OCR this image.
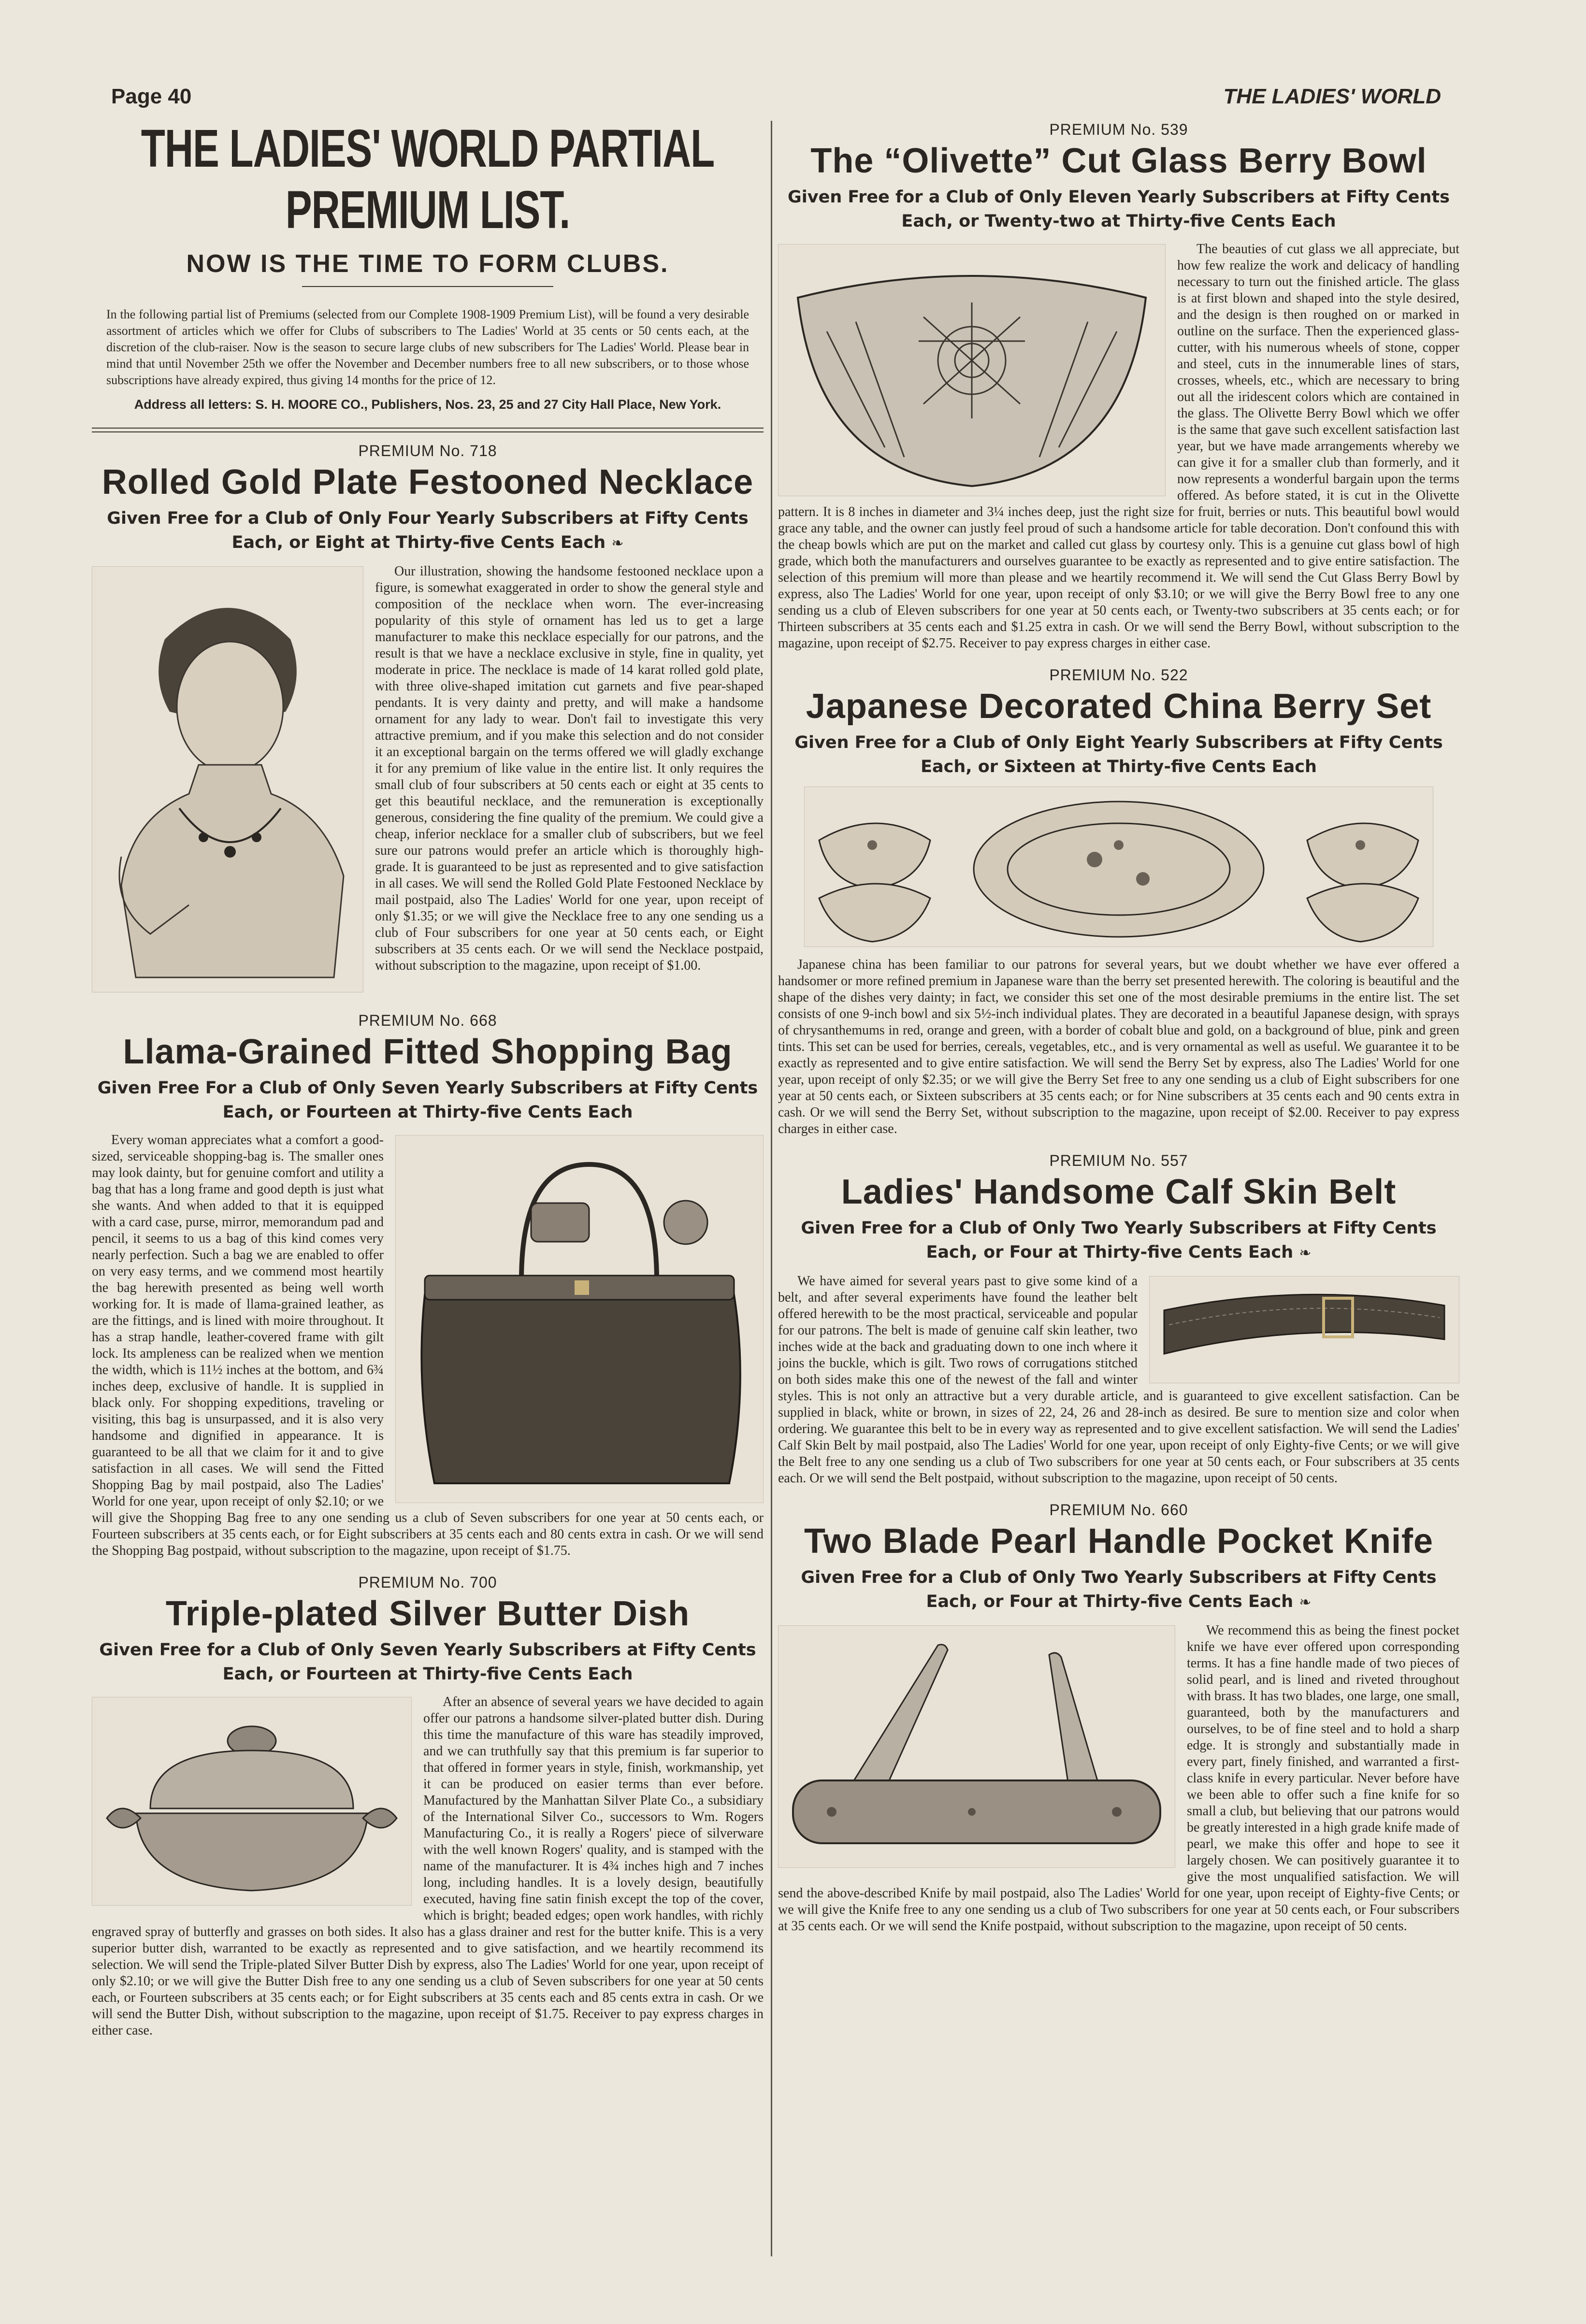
Page 40	THE LADIES' WORLD
THE LADIES' WORLD PARTIAL PREMIUM LIST.
NOW IS THE TIME TO FORM CLUBS.
In the following partial list of Premiums (selected from our Complete 1908-1909 Premium List), will be found a very desirable assortment of articles which we offer for Clubs of subscribers to The Ladies' World at 35 cents or 50 cents each, at the discretion of the club-raiser. Now is the season to secure large clubs of new subscribers for The Ladies' World. Please bear in mind that until November 25th we offer the November and December numbers free to all new subscribers, or to those whose subscriptions have already expired, thus giving 14 months for the price of 12.
Address all letters: S. H. MOORE CO., Publishers, Nos. 23, 25 and 27 City Hall Place, New York.
PREMIUM No. 718
Rolled Gold Plate Festooned Necklace
Given Free for a Club of Only Four Yearly Subscribers at Fifty Cents Each, or Eight at Thirty-five Cents Each ❧

Our illustration, showing the handsome festooned necklace upon a figure, is somewhat exaggerated in order to show the general style and composition of the necklace when worn. The ever-increasing popularity of this style of ornament has led us to get a large manufacturer to make this necklace especially for our patrons, and the result is that we have a necklace exclusive in style, fine in quality, yet moderate in price. The necklace is made of 14 karat rolled gold plate, with three olive-shaped imitation cut garnets and five pear-shaped pendants. It is very dainty and pretty, and will make a handsome ornament for any lady to wear. Don't fail to investigate this very attractive premium, and if you make this selection and do not consider it an exceptional bargain on the terms offered we will gladly exchange it for any premium of like value in the entire list. It only requires the small club of four subscribers at 50 cents each or eight at 35 cents to get this beautiful necklace, and the remuneration is exceptionally generous, considering the fine quality of the premium. We could give a cheap, inferior necklace for a smaller club of subscribers, but we feel sure our patrons would prefer an article which is thoroughly high-grade. It is guaranteed to be just as represented and to give satisfaction in all cases. We will send the Rolled Gold Plate Festooned Necklace by mail postpaid, also The Ladies' World for one year, upon receipt of only $1.35; or we will give the Necklace free to any one sending us a club of Four subscribers for one year at 50 cents each, or Eight subscribers at 35 cents each. Or we will send the Necklace postpaid, without subscription to the magazine, upon receipt of $1.00.

PREMIUM No. 668
Llama-Grained Fitted Shopping Bag
Given Free For a Club of Only Seven Yearly Subscribers at Fifty Cents Each, or Fourteen at Thirty-five Cents Each

Every woman appreciates what a comfort a good-sized, serviceable shopping-bag is. The smaller ones may look dainty, but for genuine comfort and utility a bag that has a long frame and good depth is just what she wants. And when added to that it is equipped with a card case, purse, mirror, memorandum pad and pencil, it seems to us a bag of this kind comes very nearly perfection. Such a bag we are enabled to offer on very easy terms, and we commend most heartily the bag herewith presented as being well worth working for. It is made of llama-grained leather, as are the fittings, and is lined with moire throughout. It has a strap handle, leather-covered frame with gilt lock. Its ampleness can be realized when we mention the width, which is 11½ inches at the bottom, and 6¾ inches deep, exclusive of handle. It is supplied in black only. For shopping expeditions, traveling or visiting, this bag is unsurpassed, and it is also very handsome and dignified in appearance. It is guaranteed to be all that we claim for it and to give satisfaction in all cases. We will send the Fitted Shopping Bag by mail postpaid, also The Ladies' World for one year, upon receipt of only $2.10; or we will give the Shopping Bag free to any one sending us a club of Seven subscribers for one year at 50 cents each, or Fourteen subscribers at 35 cents each, or for Eight subscribers at 35 cents each and 80 cents extra in cash. Or we will send the Shopping Bag postpaid, without subscription to the magazine, upon receipt of $1.75.

PREMIUM No. 700
Triple-plated Silver Butter Dish
Given Free for a Club of Only Seven Yearly Subscribers at Fifty Cents Each, or Fourteen at Thirty-five Cents Each

After an absence of several years we have decided to again offer our patrons a handsome silver-plated butter dish. During this time the manufacture of this ware has steadily improved, and we can truthfully say that this premium is far superior to that offered in former years in style, finish, workmanship, yet it can be produced on easier terms than ever before. Manufactured by the Manhattan Silver Plate Co., a subsidiary of the International Silver Co., successors to Wm. Rogers Manufacturing Co., it is really a Rogers' piece of silverware with the well known Rogers' quality, and is stamped with the name of the manufacturer. It is 4¾ inches high and 7 inches long, including handles. It is a lovely design, beautifully executed, having fine satin finish except the top of the cover, which is bright; beaded edges; open work handles, with richly engraved spray of butterfly and grasses on both sides. It also has a glass drainer and rest for the butter knife. This is a very superior butter dish, warranted to be exactly as represented and to give satisfaction, and we heartily recommend its selection. We will send the Triple-plated Silver Butter Dish by express, also The Ladies' World for one year, upon receipt of only $2.10; or we will give the Butter Dish free to any one sending us a club of Seven subscribers for one year at 50 cents each, or Fourteen subscribers at 35 cents each; or for Eight subscribers at 35 cents each and 85 cents extra in cash. Or we will send the Butter Dish, without subscription to the magazine, upon receipt of $1.75. Receiver to pay express charges in either case.

PREMIUM No. 539
The “Olivette” Cut Glass Berry Bowl
Given Free for a Club of Only Eleven Yearly Subscribers at Fifty Cents Each, or Twenty-two at Thirty-five Cents Each

The beauties of cut glass we all appreciate, but how few realize the work and delicacy of handling necessary to turn out the finished article. The glass is at first blown and shaped into the style desired, and the design is then roughed on or marked in outline on the surface. Then the experienced glass-cutter, with his numerous wheels of stone, copper and steel, cuts in the innumerable lines of stars, crosses, wheels, etc., which are necessary to bring out all the iridescent colors which are contained in the glass. The Olivette Berry Bowl which we offer is the same that gave such excellent satisfaction last year, but we have made arrangements whereby we can give it for a smaller club than formerly, and it now represents a wonderful bargain upon the terms offered. As before stated, it is cut in the Olivette pattern. It is 8 inches in diameter and 3¼ inches deep, just the right size for fruit, berries or nuts. This beautiful bowl would grace any table, and the owner can justly feel proud of such a handsome article for table decoration. Don't confound this with the cheap bowls which are put on the market and called cut glass by courtesy only. This is a genuine cut glass bowl of high grade, which both the manufacturers and ourselves guarantee to be exactly as represented and to give entire satisfaction. The selection of this premium will more than please and we heartily recommend it. We will send the Cut Glass Berry Bowl by express, also The Ladies' World for one year, upon receipt of only $3.10; or we will give the Berry Bowl free to any one sending us a club of Eleven subscribers for one year at 50 cents each, or Twenty-two subscribers at 35 cents each; or for Thirteen subscribers at 35 cents each and $1.25 extra in cash. Or we will send the Berry Bowl, without subscription to the magazine, upon receipt of $2.75. Receiver to pay express charges in either case.

PREMIUM No. 522
Japanese Decorated China Berry Set
Given Free for a Club of Only Eight Yearly Subscribers at Fifty Cents Each, or Sixteen at Thirty-five Cents Each

Japanese china has been familiar to our patrons for several years, but we doubt whether we have ever offered a handsomer or more refined premium in Japanese ware than the berry set presented herewith. The coloring is beautiful and the shape of the dishes very dainty; in fact, we consider this set one of the most desirable premiums in the entire list. The set consists of one 9-inch bowl and six 5½-inch individual plates. They are decorated in a beautiful Japanese design, with sprays of chrysanthemums in red, orange and green, with a border of cobalt blue and gold, on a background of blue, pink and green tints. This set can be used for berries, cereals, vegetables, etc., and is very ornamental as well as useful. We guarantee it to be exactly as represented and to give entire satisfaction. We will send the Berry Set by express, also The Ladies' World for one year, upon receipt of only $2.35; or we will give the Berry Set free to any one sending us a club of Eight subscribers for one year at 50 cents each, or Sixteen subscribers at 35 cents each; or for Nine subscribers at 35 cents each and 90 cents extra in cash. Or we will send the Berry Set, without subscription to the magazine, upon receipt of $2.00. Receiver to pay express charges in either case.

PREMIUM No. 557
Ladies' Handsome Calf Skin Belt
Given Free for a Club of Only Two Yearly Subscribers at Fifty Cents Each, or Four at Thirty-five Cents Each ❧

We have aimed for several years past to give some kind of a belt, and after several experiments have found the leather belt offered herewith to be the most practical, serviceable and popular for our patrons. The belt is made of genuine calf skin leather, two inches wide at the back and graduating down to one inch where it joins the buckle, which is gilt. Two rows of corrugations stitched on both sides make this one of the newest of the fall and winter styles. This is not only an attractive but a very durable article, and is guaranteed to give excellent satisfaction. Can be supplied in black, white or brown, in sizes of 22, 24, 26 and 28-inch as desired. Be sure to mention size and color when ordering. We guarantee this belt to be in every way as represented and to give excellent satisfaction. We will send the Ladies' Calf Skin Belt by mail postpaid, also The Ladies' World for one year, upon receipt of only Eighty-five Cents; or we will give the Belt free to any one sending us a club of Two subscribers for one year at 50 cents each, or Four subscribers at 35 cents each. Or we will send the Belt postpaid, without subscription to the magazine, upon receipt of 50 cents.

PREMIUM No. 660
Two Blade Pearl Handle Pocket Knife
Given Free for a Club of Only Two Yearly Subscribers at Fifty Cents Each, or Four at Thirty-five Cents Each ❧

We recommend this as being the finest pocket knife we have ever offered upon corresponding terms. It has a fine handle made of two pieces of solid pearl, and is lined and riveted throughout with brass. It has two blades, one large, one small, guaranteed, both by the manufacturers and ourselves, to be of fine steel and to hold a sharp edge. It is strongly and substantially made in every part, finely finished, and warranted a first-class knife in every particular. Never before have we been able to offer such a fine knife for so small a club, but believing that our patrons would be greatly interested in a high grade knife made of pearl, we make this offer and hope to see it largely chosen. We can positively guarantee it to give the most unqualified satisfaction. We will send the above-described Knife by mail postpaid, also The Ladies' World for one year, upon receipt of Eighty-five Cents; or we will give the Knife free to any one sending us a club of Two subscribers for one year at 50 cents each, or Four subscribers at 35 cents each. Or we will send the Knife postpaid, without subscription to the magazine, upon receipt of 50 cents.
